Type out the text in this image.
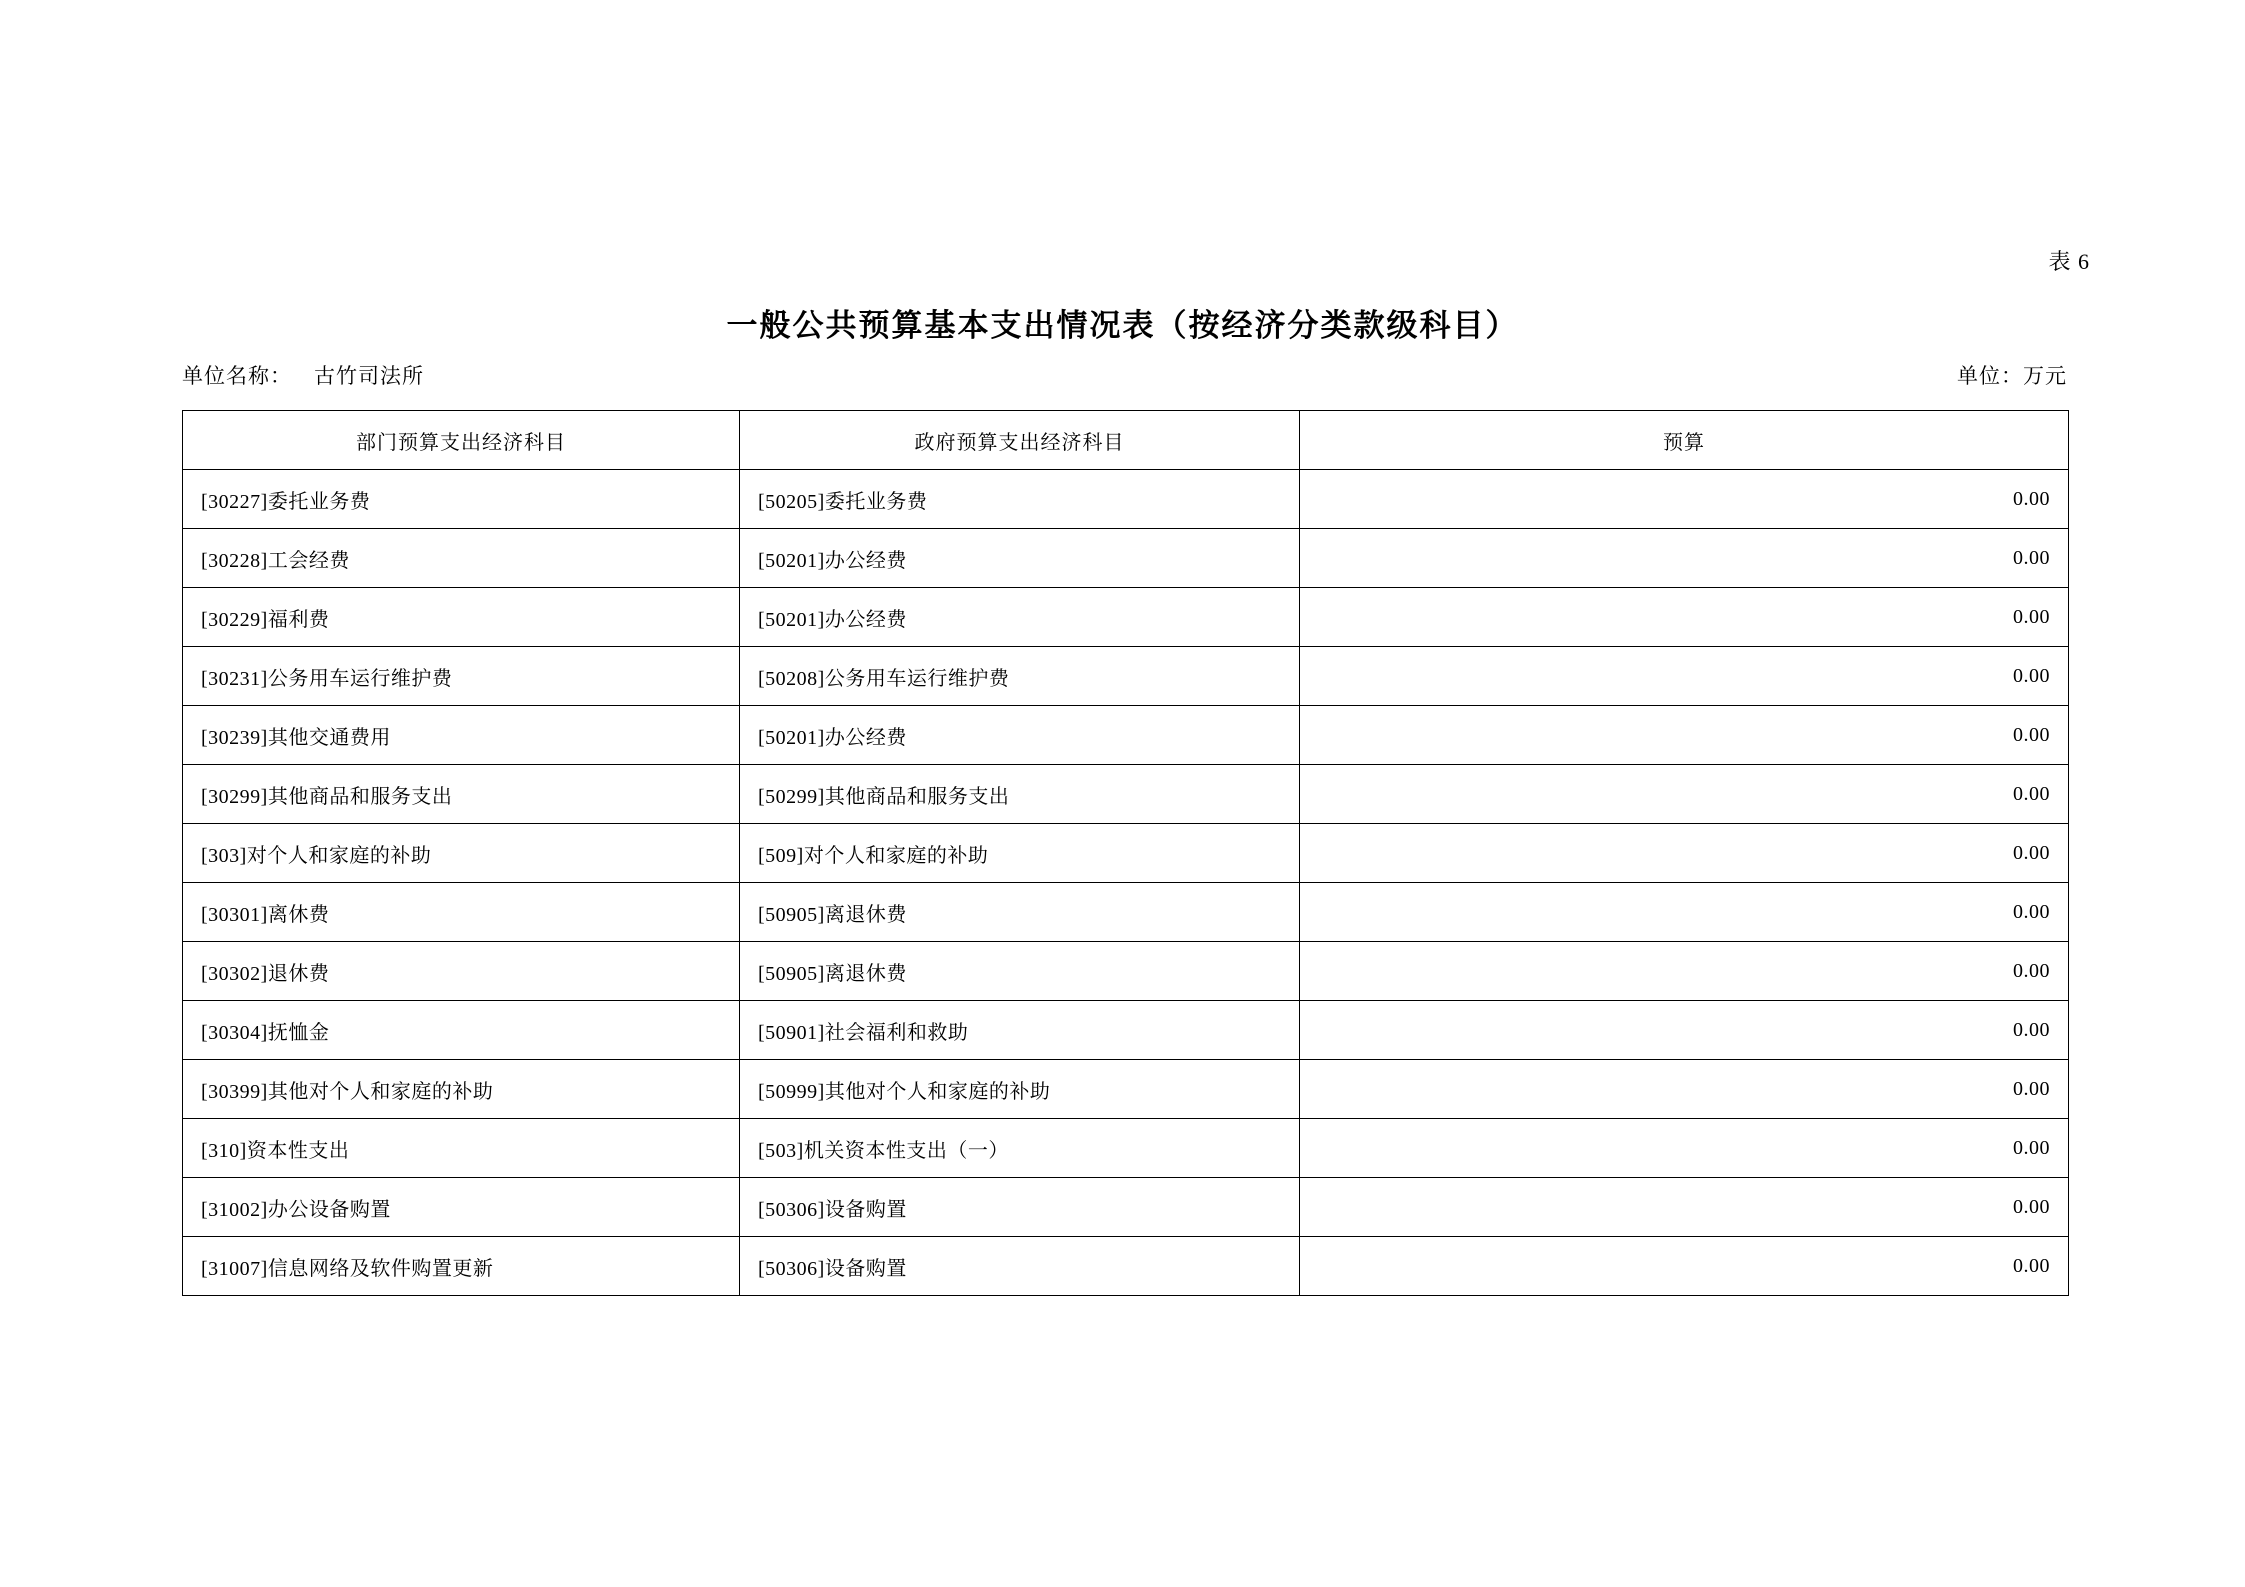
表 6
一般公共预算基本支出情况表（按经济分类款级科目）
单位名称： 古竹司法所	单位：万元
部门预算支出经济科目	政府预算支出经济科目	预算
[30227]委托业务费	[50205]委托业务费	0.00
[30228]工会经费	[50201]办公经费	0.00
[30229]福利费	[50201]办公经费	0.00
[30231]公务用车运行维护费	[50208]公务用车运行维护费	0.00
[30239]其他交通费用	[50201]办公经费	0.00
[30299]其他商品和服务支出	[50299]其他商品和服务支出	0.00
[303]对个人和家庭的补助	[509]对个人和家庭的补助	0.00
[30301]离休费	[50905]离退休费	0.00
[30302]退休费	[50905]离退休费	0.00
[30304]抚恤金	[50901]社会福利和救助	0.00
[30399]其他对个人和家庭的补助	[50999]其他对个人和家庭的补助	0.00
[310]资本性支出	[503]机关资本性支出（一）	0.00
[31002]办公设备购置	[50306]设备购置	0.00
[31007]信息网络及软件购置更新	[50306]设备购置	0.00
